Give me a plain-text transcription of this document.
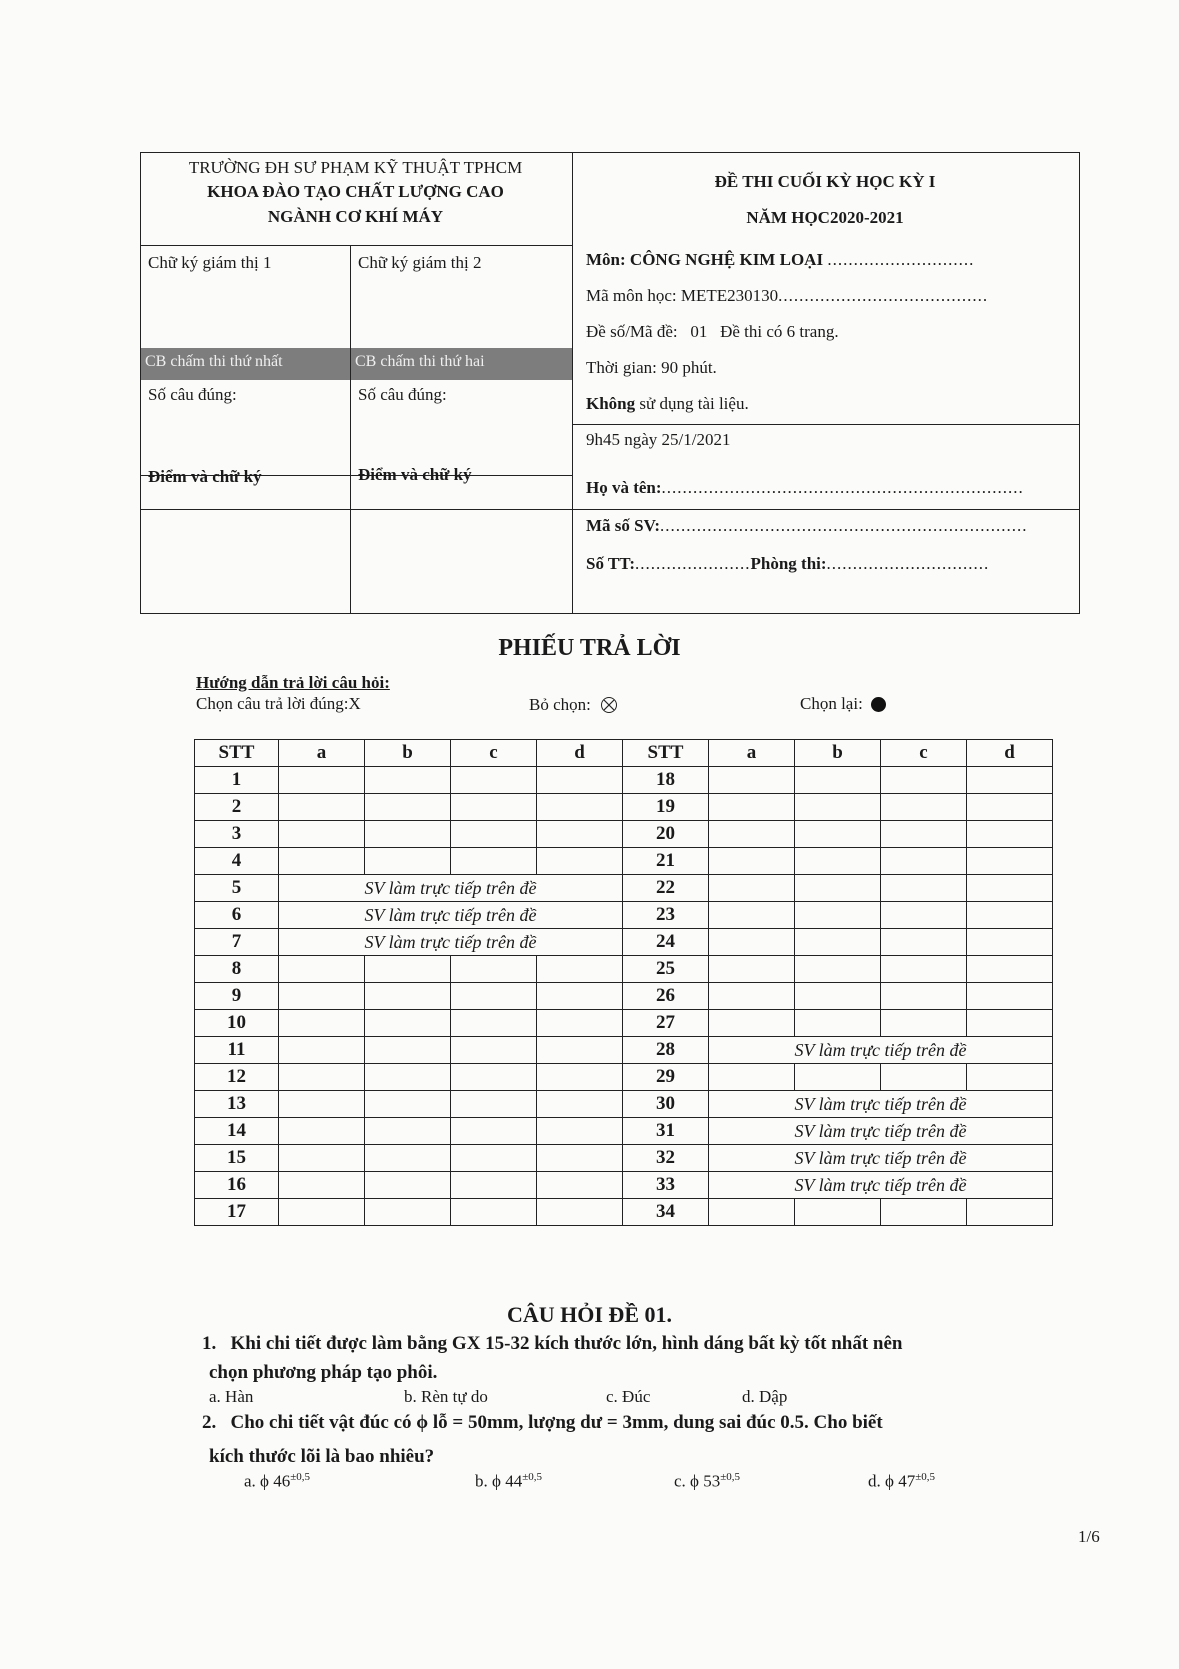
CB chấm thi thứ nhất	CB chấm thi thứ hai
TRƯỜNG ĐH SƯ PHẠM KỸ THUẬT TPHCM
KHOA ĐÀO TẠO CHẤT LƯỢNG CAO
NGÀNH CƠ KHÍ MÁY
ĐỀ THI CUỐI KỲ HỌC KỲ I
NĂM HỌC2020-2021
Chữ ký giám thị 1	Chữ ký giám thị 2
Số câu đúng:	Số câu đúng:
Điểm và chữ ký	Điểm và chữ ký
Môn: CÔNG NGHỆ KIM LOẠI ............................
Mã môn học: METE230130........................................
Đề số/Mã đề:   01   Đề thi có 6 trang.
Thời gian: 90 phút.
Không sử dụng tài liệu.
9h45 ngày 25/1/2021
Họ và tên:.....................................................................
Mã số SV:......................................................................
Số TT:......................Phòng thi:...............................
PHIẾU TRẢ LỜI
Hướng dẫn trả lời câu hỏi:
Chọn câu trả lời đúng:X	Bỏ chọn:	Chọn lại:
STT	a	b	c	d	STT	a	b	c	d
1					18				
2					19				
3					20				
4					21				
5	SV làm trực tiếp trên đề				22				
6	SV làm trực tiếp trên đề				23				
7	SV làm trực tiếp trên đề				24				
8					25				
9					26				
10					27				
11					28	SV làm trực tiếp trên đề			
12					29				
13					30	SV làm trực tiếp trên đề			
14					31	SV làm trực tiếp trên đề			
15					32	SV làm trực tiếp trên đề			
16					33	SV làm trực tiếp trên đề			
17					34				
CÂU HỎI ĐỀ 01.
1.   Khi chi tiết được làm bằng GX 15-32 kích thước lớn, hình dáng bất kỳ tốt nhất nên
chọn phương pháp tạo phôi.
a. Hàn	b. Rèn tự do	c. Đúc	d. Dập
2.   Cho chi tiết vật đúc có ϕ lỗ = 50mm, lượng dư = 3mm, dung sai đúc 0.5. Cho biết
kích thước lõi là bao nhiêu?
a. ϕ $46^{\pm 0,5}$	b. ϕ $44^{\pm 0,5}$	c. ϕ $53^{\pm 0,5}$	d. ϕ $47^{\pm 0,5}$
1/6
